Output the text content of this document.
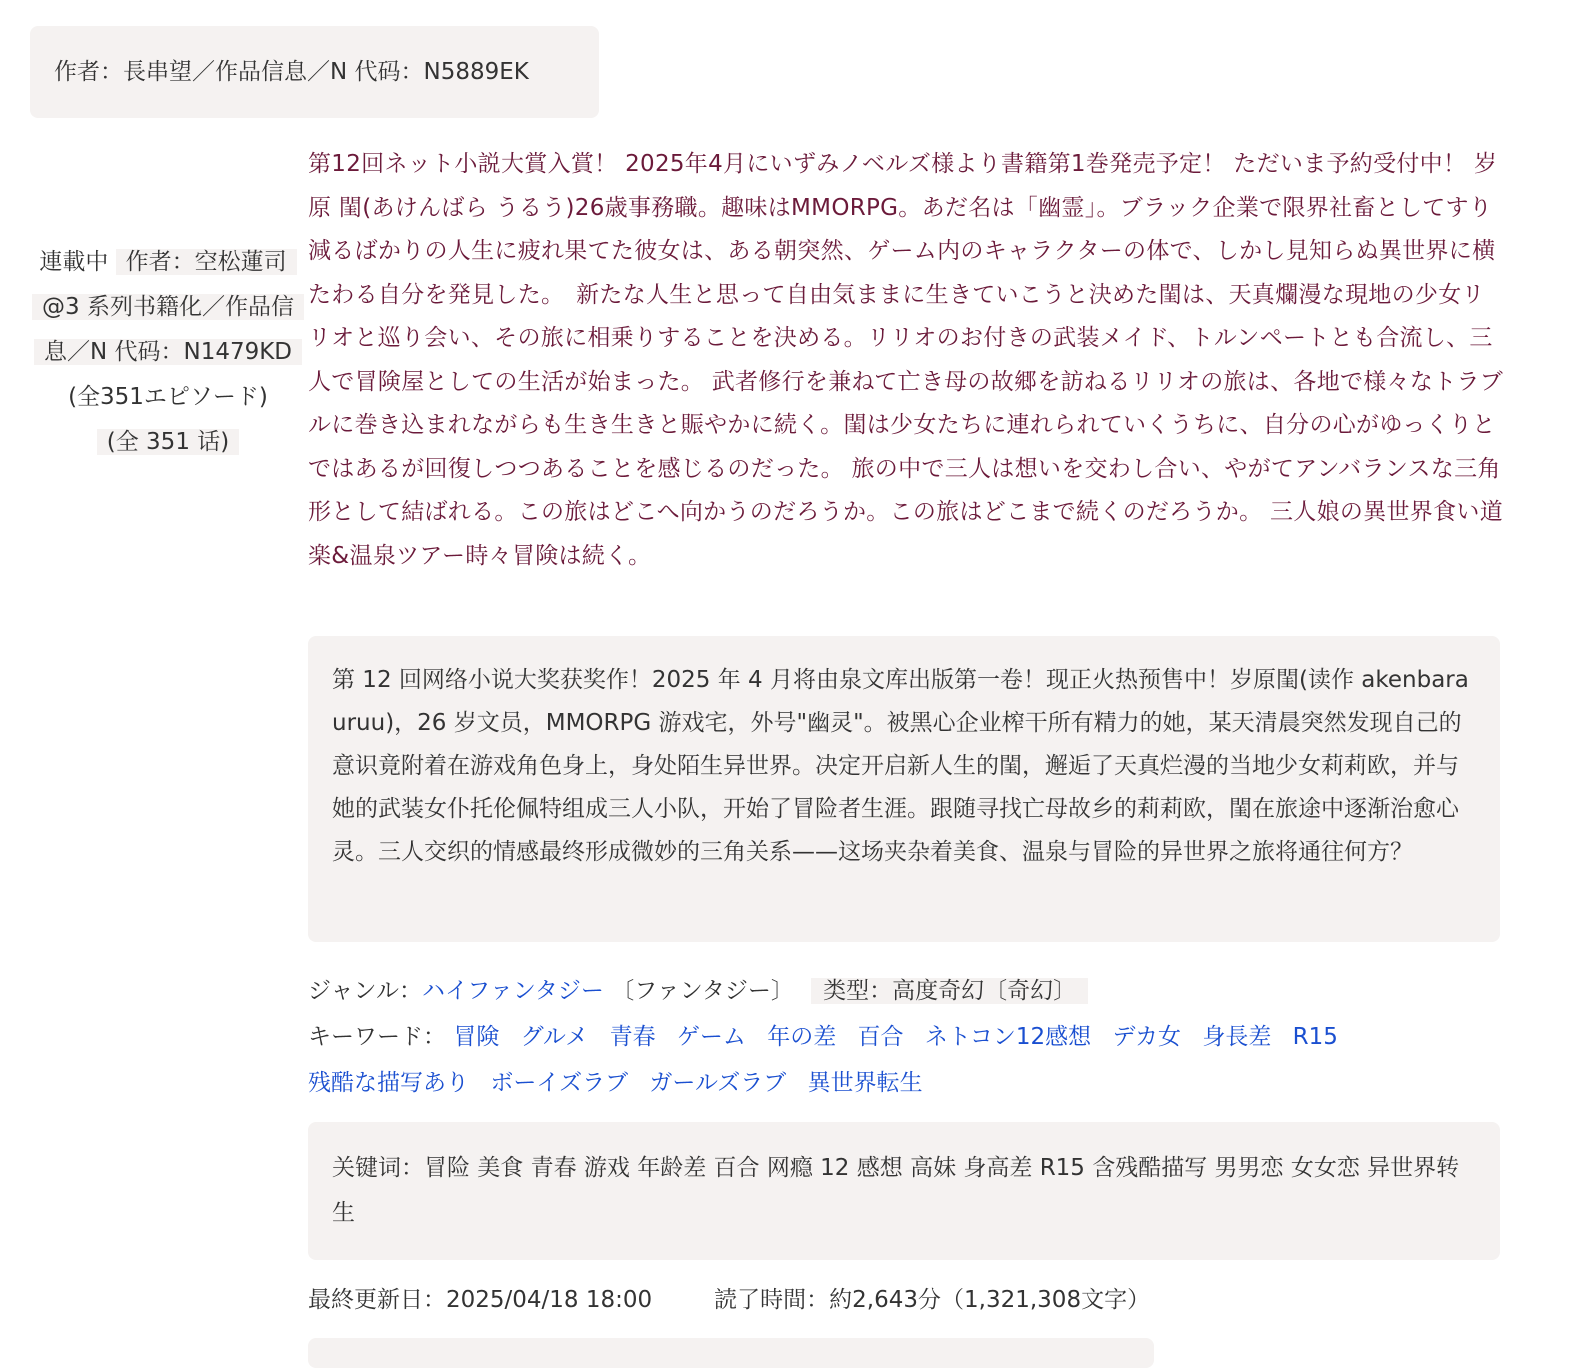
作者：長串望／作品信息／N 代码：N5889EK
連載中 作者：空松蓮司@3 系列书籍化／作品信息／N 代码：N1479KD
(全351エピソード)
(全 351 话)
第12回ネット小説大賞入賞！ 2025年4月にいずみノベルズ様より書籍第1巻発売予定！ ただいま予約受付中！ 岁原 閨(あけんばら うるう)26歳事務職。趣味はMMORPG。あだ名は「幽霊」。ブラック企業で限界社畜としてすり減るばかりの人生に疲れ果てた彼女は、ある朝突然、ゲーム内のキャラクターの体で、しかし見知らぬ異世界に横たわる自分を発見した。　新たな人生と思って自由気ままに生きていこうと決めた閨は、天真爛漫な現地の少女リリオと巡り会い、その旅に相乗りすることを決める。リリオのお付きの武装メイド、トルンペートとも合流し、三人で冒険屋としての生活が始まった。 武者修行を兼ねて亡き母の故郷を訪ねるリリオの旅は、各地で様々なトラブルに巻き込まれながらも生き生きと賑やかに続く。閨は少女たちに連れられていくうちに、自分の心がゆっくりとではあるが回復しつつあることを感じるのだった。 旅の中で三人は想いを交わし合い、やがてアンバランスな三角形として結ばれる。この旅はどこへ向かうのだろうか。この旅はどこまで続くのだろうか。 三人娘の異世界食い道楽&温泉ツアー時々冒険は続く。
第 12 回网络小说大奖获奖作！2025 年 4 月将由泉文库出版第一卷！现正火热预售中！岁原閨(读作 akenbara uruu)，26 岁文员，MMORPG 游戏宅，外号"幽灵"。被黑心企业榨干所有精力的她，某天清晨突然发现自己的意识竟附着在游戏角色身上，身处陌生异世界。决定开启新人生的閨，邂逅了天真烂漫的当地少女莉莉欧，并与她的武装女仆托伦佩特组成三人小队，开始了冒险者生涯。跟随寻找亡母故乡的莉莉欧，閨在旅途中逐渐治愈心灵。三人交织的情感最终形成微妙的三角关系——这场夹杂着美食、温泉与冒险的异世界之旅将通往何方？
ジャンル：ハイファンタジー 〔ファンタジー〕 类型：高度奇幻〔奇幻〕
キーワード： 冒険 グルメ 青春 ゲーム 年の差 百合 ネトコン12感想 デカ女 身長差 R15
残酷な描写あり ボーイズラブ ガールズラブ 異世界転生
关键词：冒险 美食 青春 游戏 年龄差 百合 网瘾 12 感想 高妹 身高差 R15 含残酷描写 男男恋 女女恋 异世界转生
最終更新日：2025/04/18 18:00	読了時間：約2,643分（1,321,308文字）
